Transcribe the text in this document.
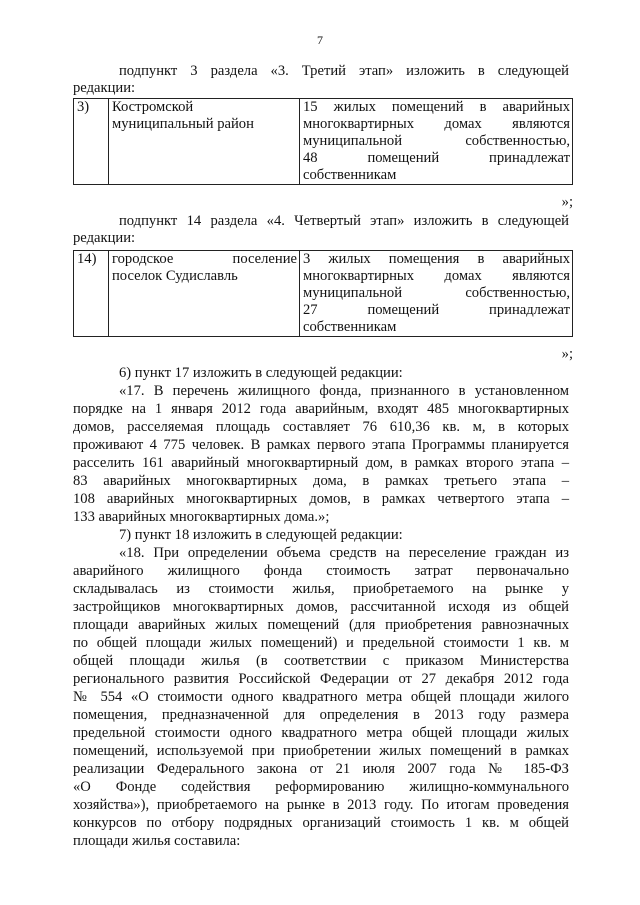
7
подпункт 3 раздела «3. Третий этап» изложить в следующей
редакции:
3)	Костромской
муниципальный район

15 жилых помещений в аварийных
многоквартирных домах являются
муниципальной собственностью,
48 помещений принадлежат
собственникам
»;
подпункт 14 раздела «4. Четвертый этап» изложить в следующей
редакции:
14)	городское поселение
поселок Судиславль

3 жилых помещения в аварийных
многоквартирных домах являются
муниципальной собственностью,
27 помещений принадлежат
собственникам
»;
6) пункт 17 изложить в следующей редакции:
«17. В перечень жилищного фонда, признанного в установленном
порядке на 1 января 2012 года аварийным, входят 485 многоквартирных
домов, расселяемая площадь составляет 76 610,36 кв. м, в которых
проживают 4 775 человек. В рамках первого этапа Программы планируется
расселить 161 аварийный многоквартирный дом, в рамках второго этапа –
83 аварийных многоквартирных дома, в рамках третьего этапа –
108 аварийных многоквартирных домов, в рамках четвертого этапа –
133 аварийных многоквартирных дома.»;
7) пункт 18 изложить в следующей редакции:
«18. При определении объема средств на переселение граждан из
аварийного жилищного фонда стоимость затрат первоначально
складывалась из стоимости жилья, приобретаемого на рынке у
застройщиков многоквартирных домов, рассчитанной исходя из общей
площади аварийных жилых помещений (для приобретения равнозначных
по общей площади жилых помещений) и предельной стоимости 1 кв. м
общей площади жилья (в соответствии с приказом Министерства
регионального развития Российской Федерации от 27 декабря 2012 года
№ 554 «О стоимости одного квадратного метра общей площади жилого
помещения, предназначенной для определения в 2013 году размера
предельной стоимости одного квадратного метра общей площади жилых
помещений, используемой при приобретении жилых помещений в рамках
реализации Федерального закона от 21 июля 2007 года № 185-ФЗ
«О Фонде содействия реформированию жилищно-коммунального
хозяйства»), приобретаемого на рынке в 2013 году. По итогам проведения
конкурсов по отбору подрядных организаций стоимость 1 кв. м общей
площади жилья составила:
